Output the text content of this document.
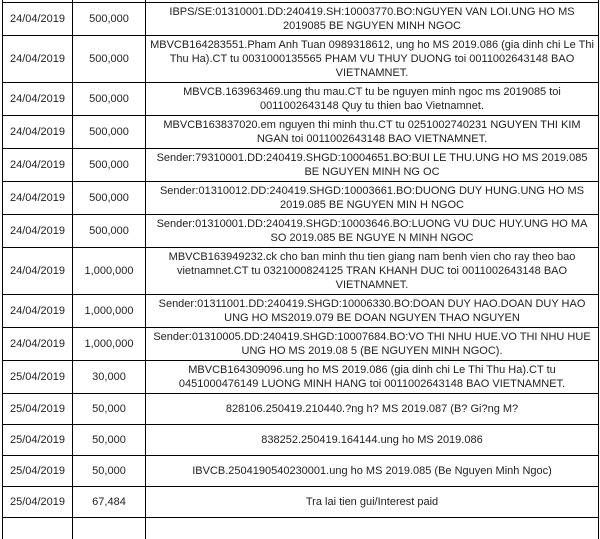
24/04/2019	500,000	IBPS/SE:01310001.DD:240419.SH:10003770.BO:NGUYEN VAN LOI.UNG HO MS 2019085 BE NGUYEN MINH NGOC
24/04/2019	500,000	MBVCB164283551.Pham Anh Tuan 0989318612, ung ho MS 2019.086 (gia dinh chi Le Thi Thu Ha).CT tu 0031000135565 PHAM VU THUY DUONG toi 0011002643148 BAO VIETNAMNET.
24/04/2019	500,000	MBVCB.163963469.ung thu mau.CT tu be nguyen minh ngoc ms 2019085 toi 0011002643148 Quy tu thien bao Vietnamnet.
24/04/2019	500,000	MBVCB163837020.em nguyen thi minh thu.CT tu 0251002740231 NGUYEN THI KIM NGAN toi 0011002643148 BAO VIETNAMNET.
24/04/2019	500,000	Sender:79310001.DD:240419.SHGD:10004651.BO:BUI LE THU.UNG HO MS 2019.085 BE NGUYEN MINH NG OC
24/04/2019	500,000	Sender:01310012.DD:240419.SHGD:10003661.BO:DUONG DUY HUNG.UNG HO MS 2019.085 BE NGUYEN MIN H NGOC
24/04/2019	500,000	Sender:01310001.DD:240419.SHGD:10003646.BO:LUONG VU DUC HUY.UNG HO MA SO 2019.085 BE NGUYE N MINH NGOC
24/04/2019	1,000,000	MBVCB163949232.ck cho ban minh thu tien giang nam benh vien cho ray theo bao vietnamnet.CT tu 0321000824125 TRAN KHANH DUC toi 0011002643148 BAO VIETNAMNET.
24/04/2019	1,000,000	Sender:01311001.DD:240419.SHGD:10006330.BO:DOAN DUY HAO.DOAN DUY HAO UNG HO MS2019.079 BE DOAN NGUYEN THAO NGUYEN
24/04/2019	1,000,000	Sender:01310005.DD:240419.SHGD:10007684.BO:VO THI NHU HUE.VO THI NHU HUE UNG HO MS 2019.08 5 (BE NGUYEN MINH NGOC).
25/04/2019	30,000	MBVCB164309096.ung ho MS 2019.086 (gia dinh chi Le Thi Thu Ha).CT tu 0451000476149 LUONG MINH HANG toi 0011002643148 BAO VIETNAMNET.
25/04/2019	50,000	828106.250419.210440.?ng h? MS 2019.087 (B? Gi?ng M?
25/04/2019	50,000	838252.250419.164144.ung ho MS 2019.086
25/04/2019	50,000	IBVCB.2504190540230001.ung ho MS 2019.085 (Be Nguyen Minh Ngoc)
25/04/2019	67,484	Tra lai tien gui/Interest paid
